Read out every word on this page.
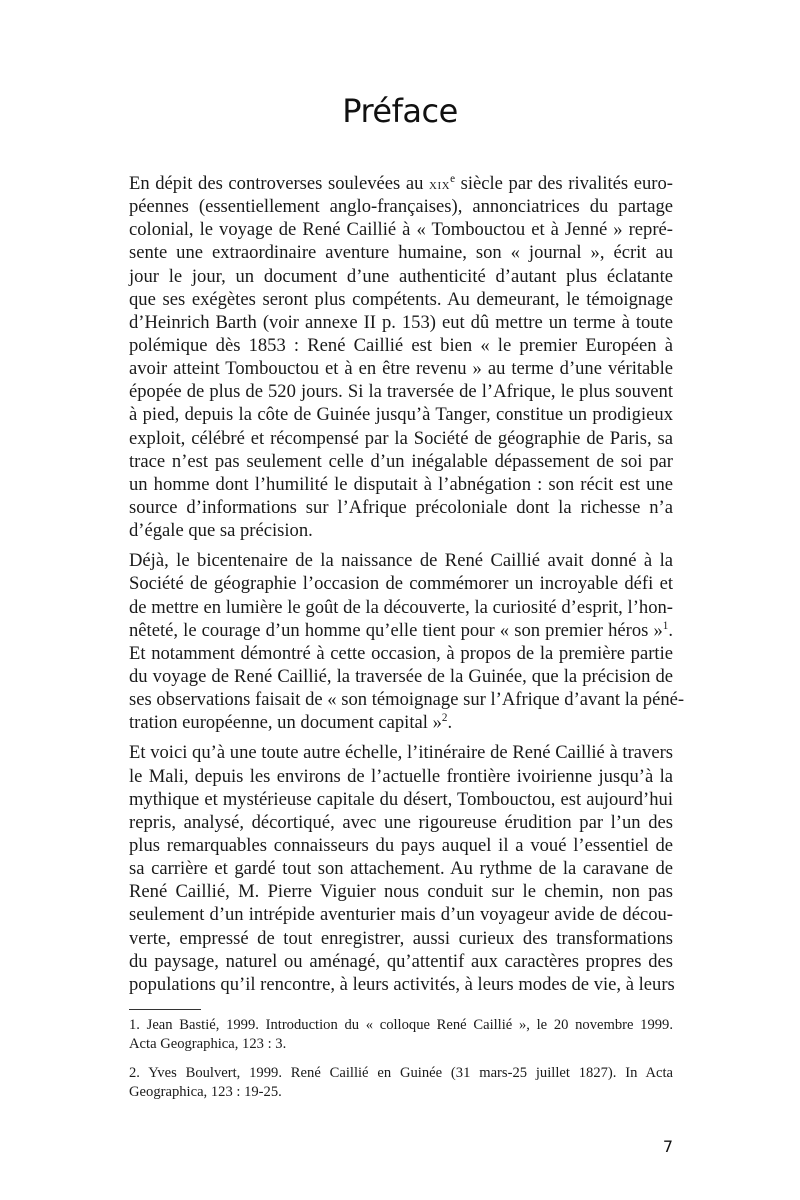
Préface

En dépit des controverses soulevées au xix$^e$ siècle par des rivalités euro-
péennes (essentiellement anglo-françaises), annonciatrices du partage
colonial, le voyage de René Caillié à « Tombouctou et à Jenné » repré-
sente une extraordinaire aventure humaine, son « journal », écrit au
jour le jour, un document d’une authenticité d’autant plus éclatante
que ses exégètes seront plus compétents. Au demeurant, le témoignage
d’Heinrich Barth (voir annexe II p. 153) eut dû mettre un terme à toute
polémique dès 1853 : René Caillié est bien « le premier Européen à
avoir atteint Tombouctou et à en être revenu » au terme d’une véritable
épopée de plus de 520 jours. Si la traversée de l’Afrique, le plus souvent
à pied, depuis la côte de Guinée jusqu’à Tanger, constitue un prodigieux
exploit, célébré et récompensé par la Société de géographie de Paris, sa
trace n’est pas seulement celle d’un inégalable dépassement de soi par
un homme dont l’humilité le disputait à l’abnégation : son récit est une
source d’informations sur l’Afrique précoloniale dont la richesse n’a
d’égale que sa précision.

Déjà, le bicentenaire de la naissance de René Caillié avait donné à la
Société de géographie l’occasion de commémorer un incroyable défi et
de mettre en lumière le goût de la découverte, la curiosité d’esprit, l’hon-
nêteté, le courage d’un homme qu’elle tient pour « son premier héros »$^1$.
Et notamment démontré à cette occasion, à propos de la première partie
du voyage de René Caillié, la traversée de la Guinée, que la précision de
ses observations faisait de « son témoignage sur l’Afrique d’avant la péné-
tration européenne, un document capital »$^2$.

Et voici qu’à une toute autre échelle, l’itinéraire de René Caillié à travers
le Mali, depuis les environs de l’actuelle frontière ivoirienne jusqu’à la
mythique et mystérieuse capitale du désert, Tombouctou, est aujourd’hui
repris, analysé, décortiqué, avec une rigoureuse érudition par l’un des
plus remarquables connaisseurs du pays auquel il a voué l’essentiel de
sa carrière et gardé tout son attachement. Au rythme de la caravane de
René Caillié, M. Pierre Viguier nous conduit sur le chemin, non pas
seulement d’un intrépide aventurier mais d’un voyageur avide de décou-
verte, empressé de tout enregistrer, aussi curieux des transformations
du paysage, naturel ou aménagé, qu’attentif aux caractères propres des
populations qu’il rencontre, à leurs activités, à leurs modes de vie, à leurs

1. Jean Bastié, 1999. Introduction du « colloque René Caillié », le 20 novembre 1999.
Acta Geographica, 123 : 3.
2. Yves Boulvert, 1999. René Caillié en Guinée (31 mars-25 juillet 1827). In Acta
Geographica, 123 : 19-25.
7
